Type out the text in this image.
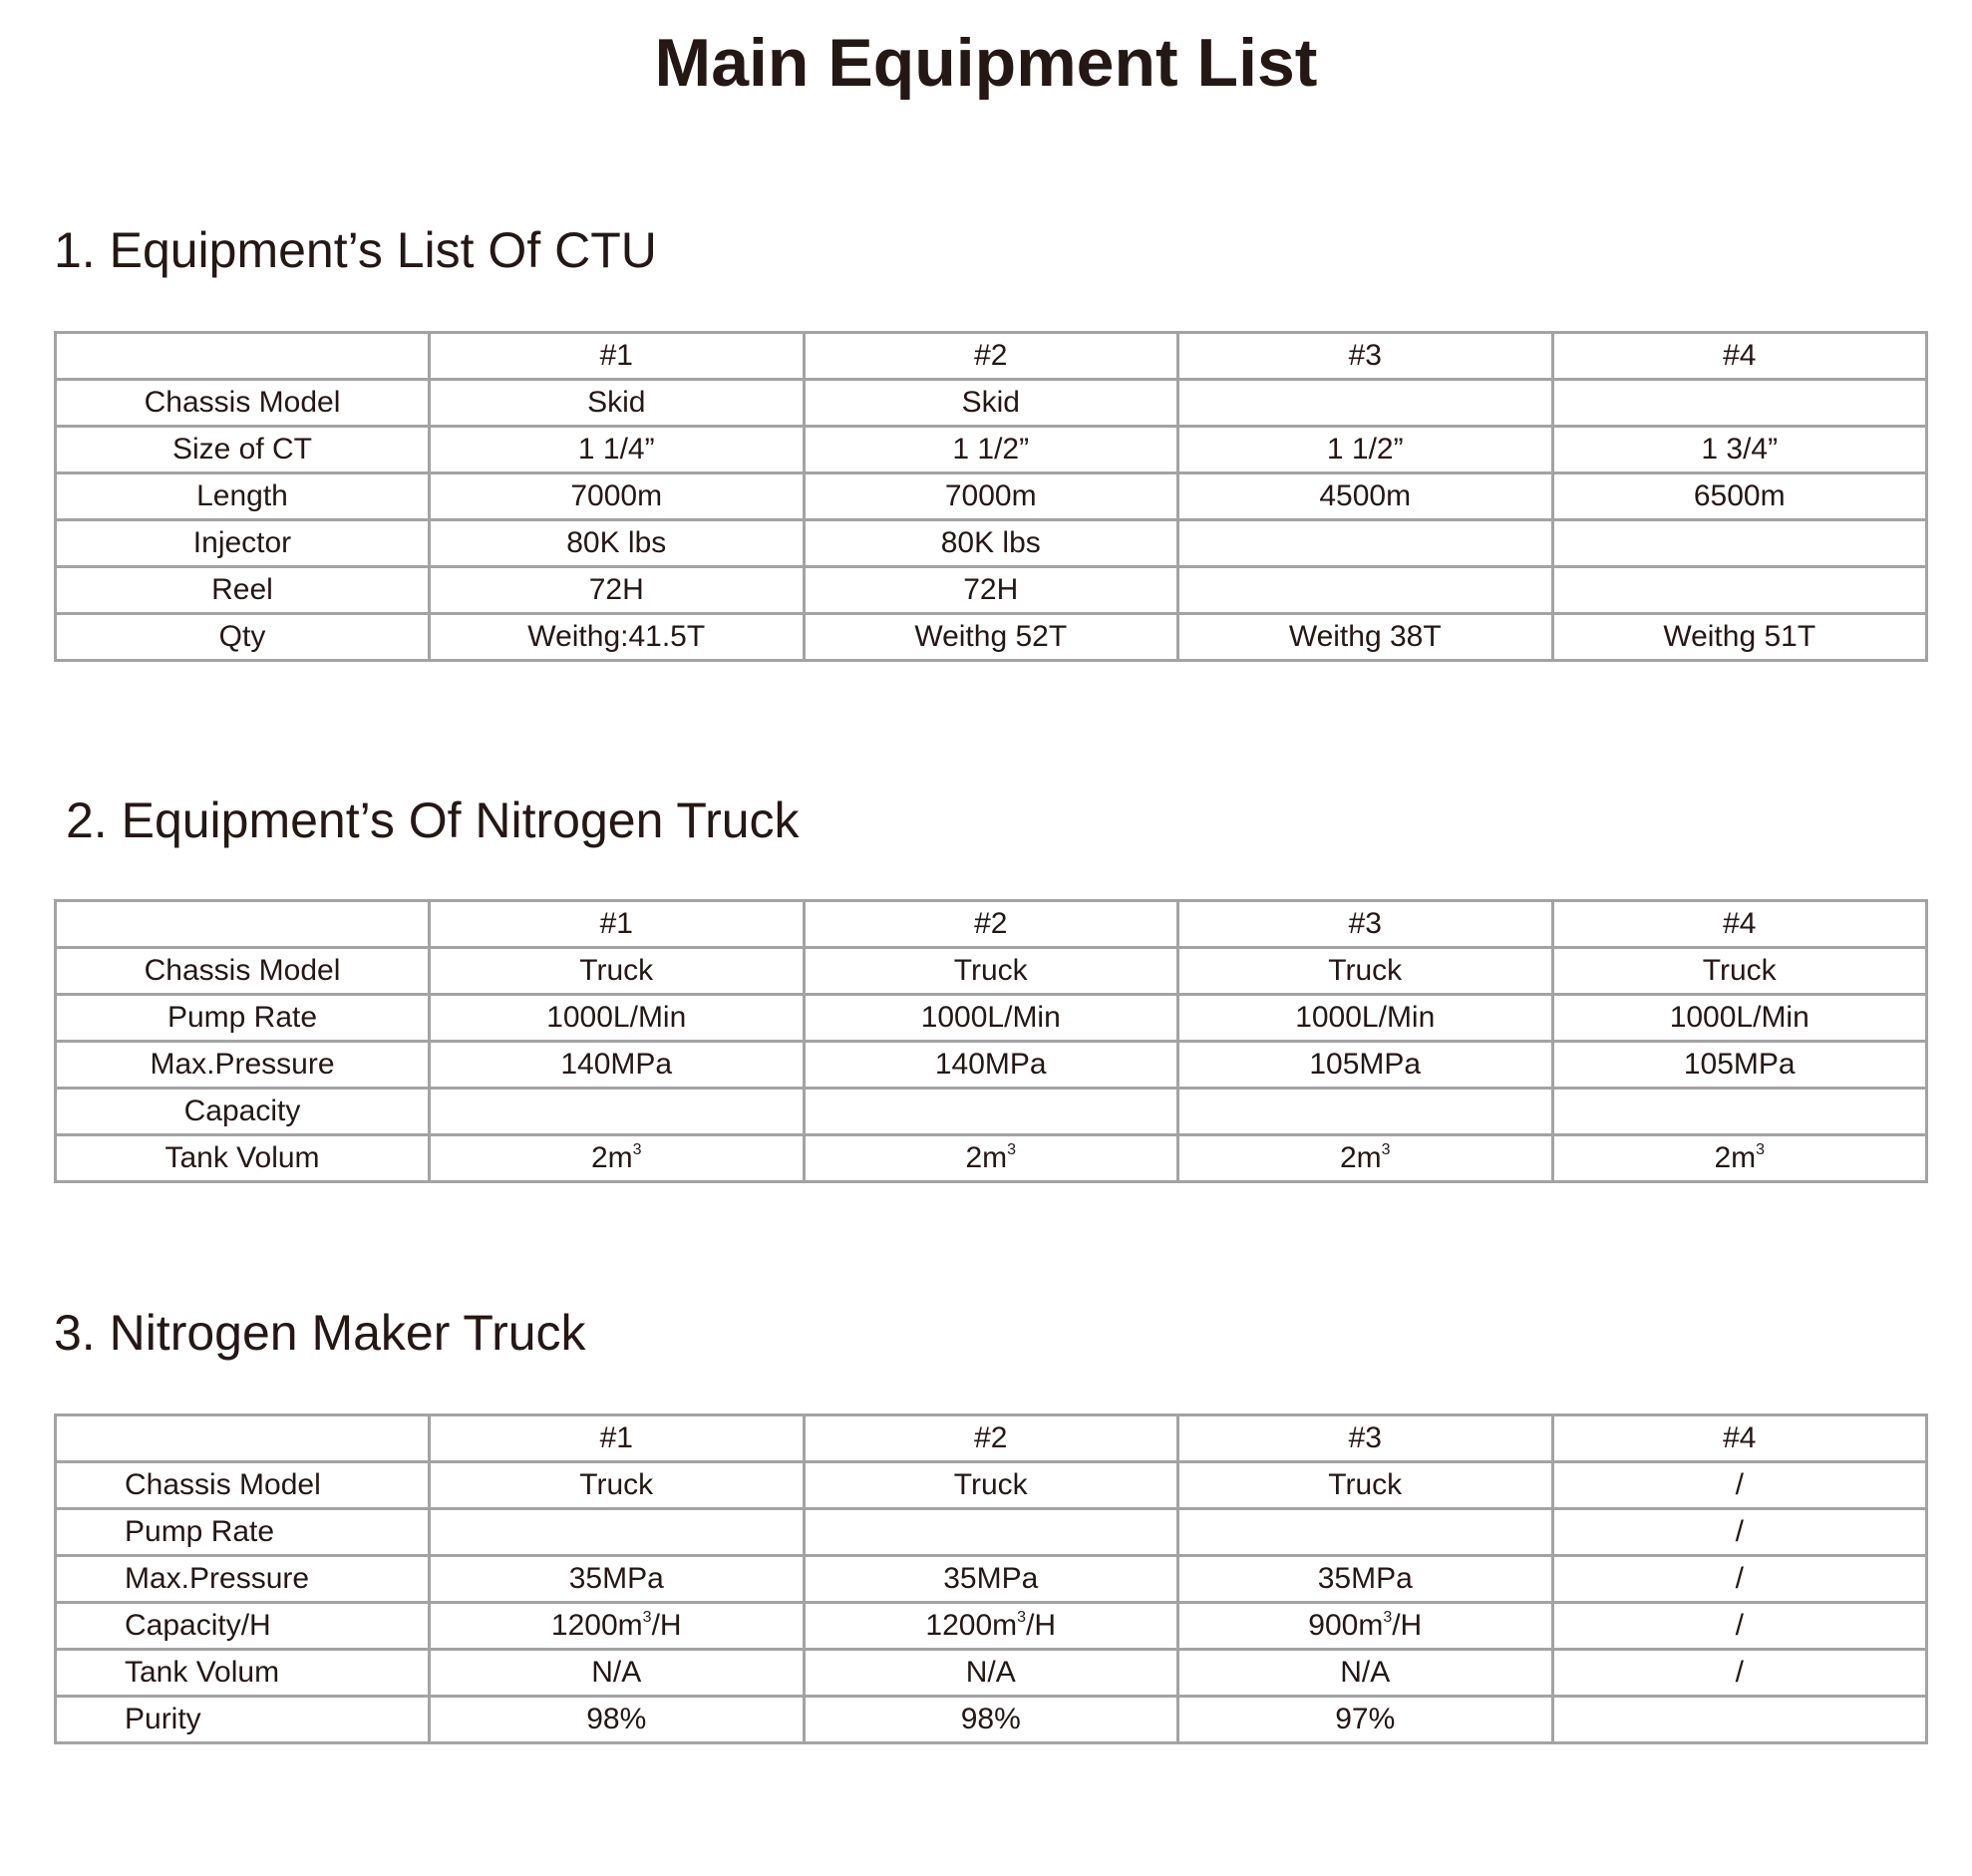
Main Equipment List
1. Equipment’s List Of CTU
	#1	#2	#3	#4
Chassis Model	Skid	Skid		
Size of CT	1 1/4”	1 1/2”	1 1/2”	1 3/4”
Length	7000m	7000m	4500m	6500m
Injector	80K lbs	80K lbs		
Reel	72H	72H		
Qty	Weithg:41.5T	Weithg 52T	Weithg 38T	Weithg 51T
2. Equipment’s Of Nitrogen Truck
	#1	#2	#3	#4
Chassis Model	Truck	Truck	Truck	Truck
Pump Rate	1000L/Min	1000L/Min	1000L/Min	1000L/Min
Max.Pressure	140MPa	140MPa	105MPa	105MPa
Capacity				
Tank Volum	$2m^3$	$2m^3$	$2m^3$	$2m^3$
3. Nitrogen Maker Truck
	#1	#2	#3	#4
Chassis Model	Truck	Truck	Truck	/
Pump Rate				/
Max.Pressure	35MPa	35MPa	35MPa	/
Capacity/H	$1200m^3/H$	$1200m^3/H$	$900m^3/H$	/
Tank Volum	N/A	N/A	N/A	/
Purity	98%	98%	97%	
